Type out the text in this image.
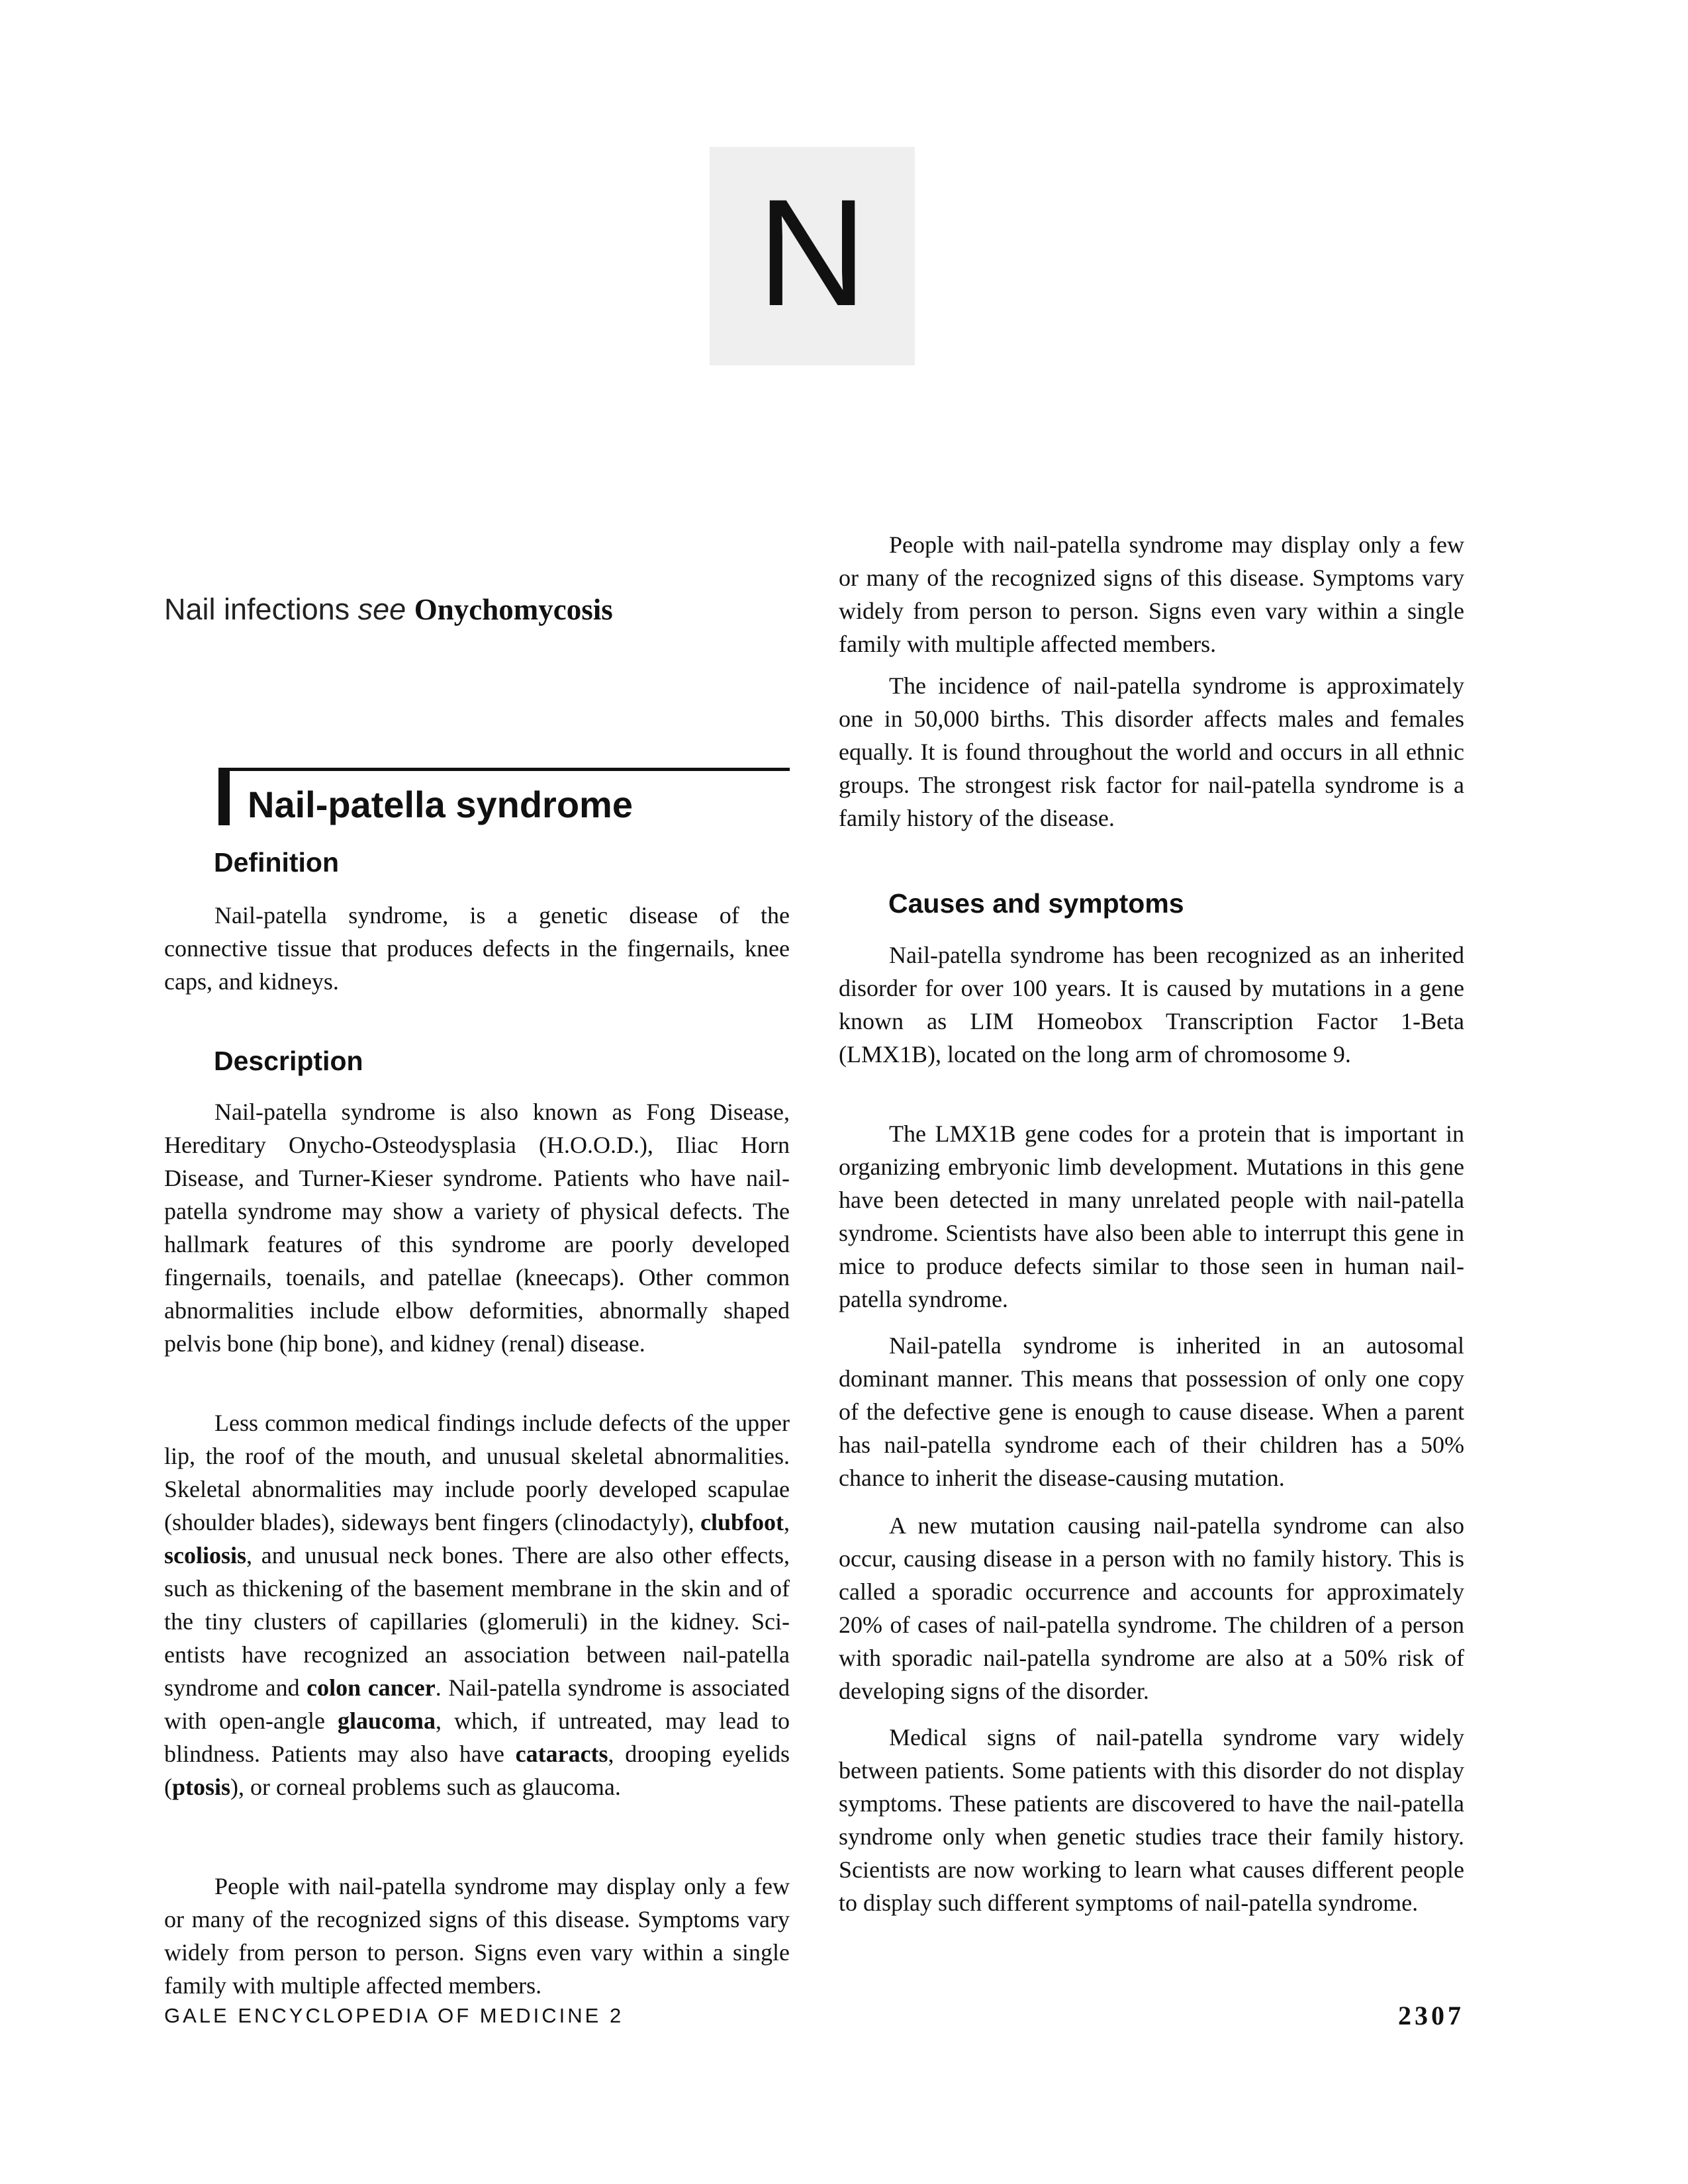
N
Nail infections see Onychomycosis
Nail-patella syndrome
Definition

Nail-patella syndrome, is a genetic disease of the connective tissue that produces defects in the fingernails, knee caps, and kidneys.

Description

Nail-patella syndrome is also known as Fong Disease, Hereditary Onycho-Osteodysplasia (H.O.O.D.), Iliac Horn Disease, and Turner-Kieser syndrome. Patients who have nail-patella syndrome may show a variety of physical defects. The hallmark features of this syndrome are poorly developed fingernails, toenails, and patellae (kneecaps). Other common abnormalities include elbow deformities, abnormally shaped pelvis bone (hip bone), and kidney (renal) disease.

Less common medical findings include defects of the upper lip, the roof of the mouth, and unusual skeletal abnormalities. Skeletal abnormalities may include poorly developed scapulae (shoulder blades), sideways bent fingers (clinodactyly), clubfoot, scoliosis, and unusual neck bones. There are also other effects, such as thickening of the basement membrane in the skin and of the tiny clusters of capillaries (glomeruli) in the kidney. Scientists have recognized an association between nail-patella syndrome and colon cancer. Nail-patella syndrome is associated with open-angle glaucoma, which, if untreated, may lead to blindness. Patients may also have cataracts, drooping eyelids (ptosis), or corneal problems such as glaucoma.

People with nail-patella syndrome may display only a few or many of the recognized signs of this disease. Symptoms vary widely from person to person. Signs even vary within a single family with multiple affected members.

People with nail-patella syndrome may display only a few or many of the recognized signs of this disease. Symptoms vary widely from person to person. Signs even vary within a single family with multiple affected members.

The incidence of nail-patella syndrome is approximately one in 50,000 births. This disorder affects males and females equally. It is found throughout the world and occurs in all ethnic groups. The strongest risk factor for nail-patella syndrome is a family history of the disease.

Causes and symptoms

Nail-patella syndrome has been recognized as an inherited disorder for over 100 years. It is caused by mutations in a gene known as LIM Homeobox Transcription Factor 1-Beta (LMX1B), located on the long arm of chromosome 9.

The LMX1B gene codes for a protein that is important in organizing embryonic limb development. Mutations in this gene have been detected in many unrelated people with nail-patella syndrome. Scientists have also been able to interrupt this gene in mice to produce defects similar to those seen in human nail-patella syndrome.

Nail-patella syndrome is inherited in an autosomal dominant manner. This means that possession of only one copy of the defective gene is enough to cause disease. When a parent has nail-patella syndrome each of their children has a 50% chance to inherit the disease-causing mutation.

A new mutation causing nail-patella syndrome can also occur, causing disease in a person with no family history. This is called a sporadic occurrence and accounts for approximately 20% of cases of nail-patella syndrome. The children of a person with sporadic nail-patella syndrome are also at a 50% risk of developing signs of the disorder.

Medical signs of nail-patella syndrome vary widely between patients. Some patients with this disorder do not display symptoms. These patients are discovered to have the nail-patella syndrome only when genetic studies trace their family history. Scientists are now working to learn what causes different people to display such different symptoms of nail-patella syndrome.

GALE ENCYCLOPEDIA OF MEDICINE 2	2307
